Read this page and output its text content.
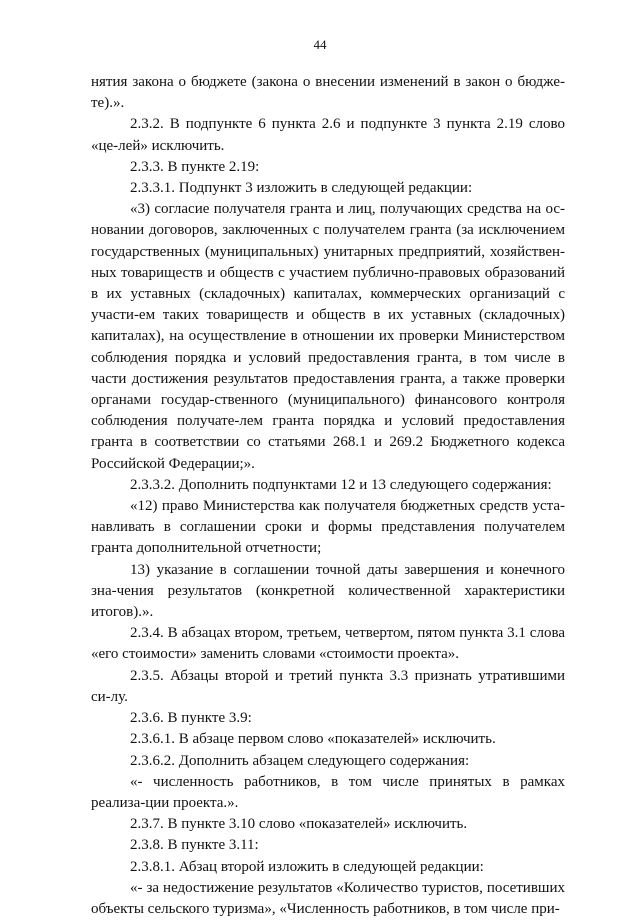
44

нятия закона о бюджете (закона о внесении изменений в закон о бюдже-те).».

2.3.2. В подпункте 6 пункта 2.6 и подпункте 3 пункта 2.19 слово «це-лей» исключить.

2.3.3. В пункте 2.19:

2.3.3.1. Подпункт 3 изложить в следующей редакции:

«3) согласие получателя гранта и лиц, получающих средства на ос-новании договоров, заключенных с получателем гранта (за исключением государственных (муниципальных) унитарных предприятий, хозяйствен-ных товариществ и обществ с участием публично-правовых образований в их уставных (складочных) капиталах, коммерческих организаций с участи-ем таких товариществ и обществ в их уставных (складочных) капиталах), на осуществление в отношении их проверки Министерством соблюдения порядка и условий предоставления гранта, в том числе в части достижения результатов предоставления гранта, а также проверки органами государ-ственного (муниципального) финансового контроля соблюдения получате-лем гранта порядка и условий предоставления гранта в соответствии со статьями 268.1 и 269.2 Бюджетного кодекса Российской Федерации;».

2.3.3.2. Дополнить подпунктами 12 и 13 следующего содержания:

«12) право Министерства как получателя бюджетных средств уста-навливать в соглашении сроки и формы представления получателем гранта дополнительной отчетности;

13) указание в соглашении точной даты завершения и конечного зна-чения результатов (конкретной количественной характеристики итогов).».

2.3.4. В абзацах втором, третьем, четвертом, пятом пункта 3.1 слова «его стоимости» заменить словами «стоимости проекта».

2.3.5. Абзацы второй и третий пункта 3.3 признать утратившими си-лу.

2.3.6. В пункте 3.9:

2.3.6.1. В абзаце первом слово «показателей» исключить.

2.3.6.2. Дополнить абзацем следующего содержания:

«- численность работников, в том числе принятых в рамках реализа-ции проекта.».

2.3.7. В пункте 3.10 слово «показателей» исключить.

2.3.8. В пункте 3.11:

2.3.8.1. Абзац второй изложить в следующей редакции:

«- за недостижение результатов «Количество туристов, посетивших объекты сельского туризма», «Численность работников, в том числе при-
